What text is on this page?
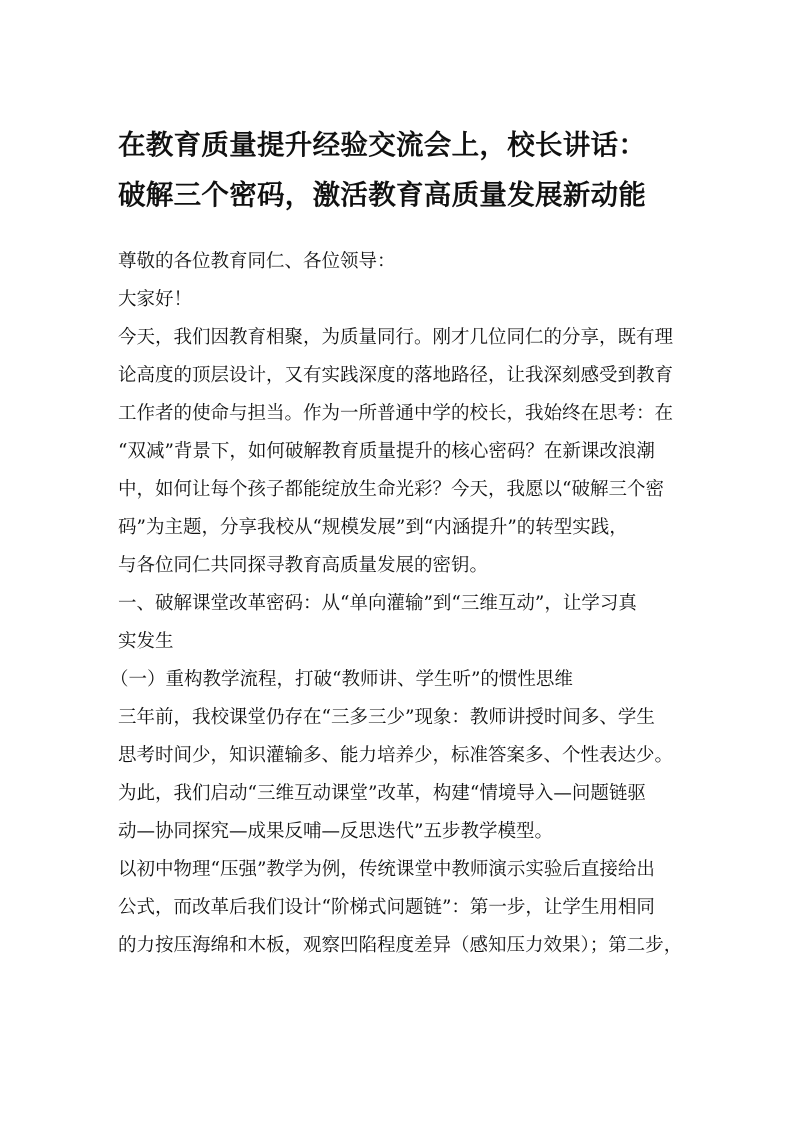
在教育质量提升经验交流会上，校长讲话：
破解三个密码，激活教育高质量发展新动能
尊敬的各位教育同仁、各位领导：
大家好！
今天，我们因教育相聚，为质量同行。刚才几位同仁的分享，既有理
论高度的顶层设计，又有实践深度的落地路径，让我深刻感受到教育
工作者的使命与担当。作为一所普通中学的校长，我始终在思考：在
“双减”背景下，如何破解教育质量提升的核心密码？在新课改浪潮
中，如何让每个孩子都能绽放生命光彩？今天，我愿以“破解三个密
码”为主题，分享我校从“规模发展”到“内涵提升”的转型实践，
与各位同仁共同探寻教育高质量发展的密钥。
一、破解课堂改革密码：从“单向灌输”到“三维互动”，让学习真
实发生
（一）重构教学流程，打破“教师讲、学生听”的惯性思维
三年前，我校课堂仍存在“三多三少”现象：教师讲授时间多、学生
思考时间少，知识灌输多、能力培养少，标准答案多、个性表达少。
为此，我们启动“三维互动课堂”改革，构建“情境导入—问题链驱
动—协同探究—成果反哺—反思迭代”五步教学模型。
以初中物理“压强”教学为例，传统课堂中教师演示实验后直接给出
公式，而改革后我们设计“阶梯式问题链”：第一步，让学生用相同
的力按压海绵和木板，观察凹陷程度差异（感知压力效果）；第二步，
